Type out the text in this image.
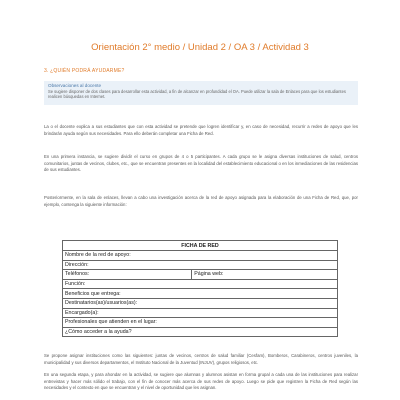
Orientación 2° medio / Unidad 2 / OA 3 / Actividad 3
3. ¿QUIÉN PODRÁ AYUDARME?
Observaciones al docente
Se sugiere disponer de dos clases para desarrollar esta actividad, a fin de alcanzar en profundidad el OA. Puede utilizar la sala de Enlaces para que los estudiantes realicen búsquedas en Internet.

La o el docente explica a sus estudiantes que con esta actividad se pretende que logren identificar y, en caso de necesidad, recurrir a redes de apoyo que les brindarán ayuda según sus necesidades. Para ello deberán completar una Ficha de Red.

En una primera instancia, se sugiere dividir el curso en grupos de 4 o 5 participantes. A cada grupo se le asigna diversas instituciones de salud, centros comunitarios, juntas de vecinos, clubes, etc., que se encuentran presentes en la localidad del establecimiento educacional o en los inmediaciones de las residencias de sus estudiantes.

Posteriormente, en la sala de enlaces, llevan a cabo una investigación acerca de la red de apoyo asignada para la elaboración de una Ficha de Red, que, por ejemplo, contenga la siguiente información:

FICHA DE RED
Nombre de la red de apoyo:
Dirección:
Teléfonos:	Página web:
Función:
Beneficios que entrega:
Destinatarios(as)/usuarios(as):
Encargado(a):
Profesionales que atienden en el lugar:
¿Cómo acceder a la ayuda?

Se propone asignar instituciones como las siguientes: juntas de vecinos, centros de salud familiar (Cesfam), Bomberos, Carabineros, centros juveniles, la municipalidad y sus diversos departamentos, el Instituto Nacional de la Juventud (INJUV), grupos religiosos, etc.

En una segunda etapa, y para ahondar en la actividad, se sugiere que alumnas y alumnos asistan en forma grupal a cada una de las instituciones para realizar entrevistas y hacer más sólido el trabajo, con el fin de conocer más acerca de sus redes de apoyo. Luego se pide que registren la Ficha de Red según las necesidades y el contexto en que se encuentran y el nivel de oportunidad que les asignan.
